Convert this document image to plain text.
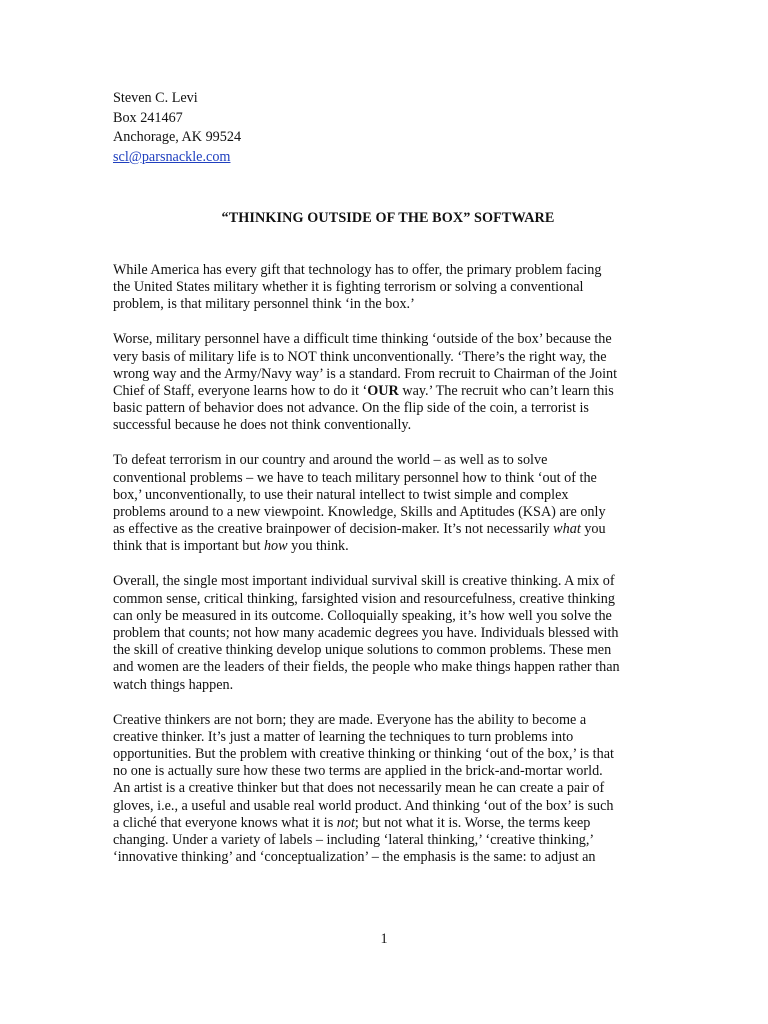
Steven C. Levi
Box 241467
Anchorage, AK 99524
scl@parsnackle.com
“THINKING OUTSIDE OF THE BOX” SOFTWARE

While America has every gift that technology has to offer, the primary problem facing
the United States military whether it is fighting terrorism or solving a conventional
problem, is that military personnel think ‘in the box.’

Worse, military personnel have a difficult time thinking ‘outside of the box’ because the
very basis of military life is to NOT think unconventionally. ‘There’s the right way, the
wrong way and the Army/Navy way’ is a standard. From recruit to Chairman of the Joint
Chief of Staff, everyone learns how to do it ‘OUR way.’ The recruit who can’t learn this
basic pattern of behavior does not advance. On the flip side of the coin, a terrorist is
successful because he does not think conventionally.

To defeat terrorism in our country and around the world – as well as to solve
conventional problems – we have to teach military personnel how to think ‘out of the
box,’ unconventionally, to use their natural intellect to twist simple and complex
problems around to a new viewpoint. Knowledge, Skills and Aptitudes (KSA) are only
as effective as the creative brainpower of decision-maker. It’s not necessarily what you
think that is important but how you think.

Overall, the single most important individual survival skill is creative thinking. A mix of
common sense, critical thinking, farsighted vision and resourcefulness, creative thinking
can only be measured in its outcome. Colloquially speaking, it’s how well you solve the
problem that counts; not how many academic degrees you have. Individuals blessed with
the skill of creative thinking develop unique solutions to common problems. These men
and women are the leaders of their fields, the people who make things happen rather than
watch things happen.

Creative thinkers are not born; they are made. Everyone has the ability to become a
creative thinker. It’s just a matter of learning the techniques to turn problems into
opportunities. But the problem with creative thinking or thinking ‘out of the box,’ is that
no one is actually sure how these two terms are applied in the brick-and-mortar world.
An artist is a creative thinker but that does not necessarily mean he can create a pair of
gloves, i.e., a useful and usable real world product. And thinking ‘out of the box’ is such
a cliché that everyone knows what it is not; but not what it is. Worse, the terms keep
changing. Under a variety of labels – including ‘lateral thinking,’ ‘creative thinking,’
‘innovative thinking’ and ‘conceptualization’ – the emphasis is the same: to adjust an

1
